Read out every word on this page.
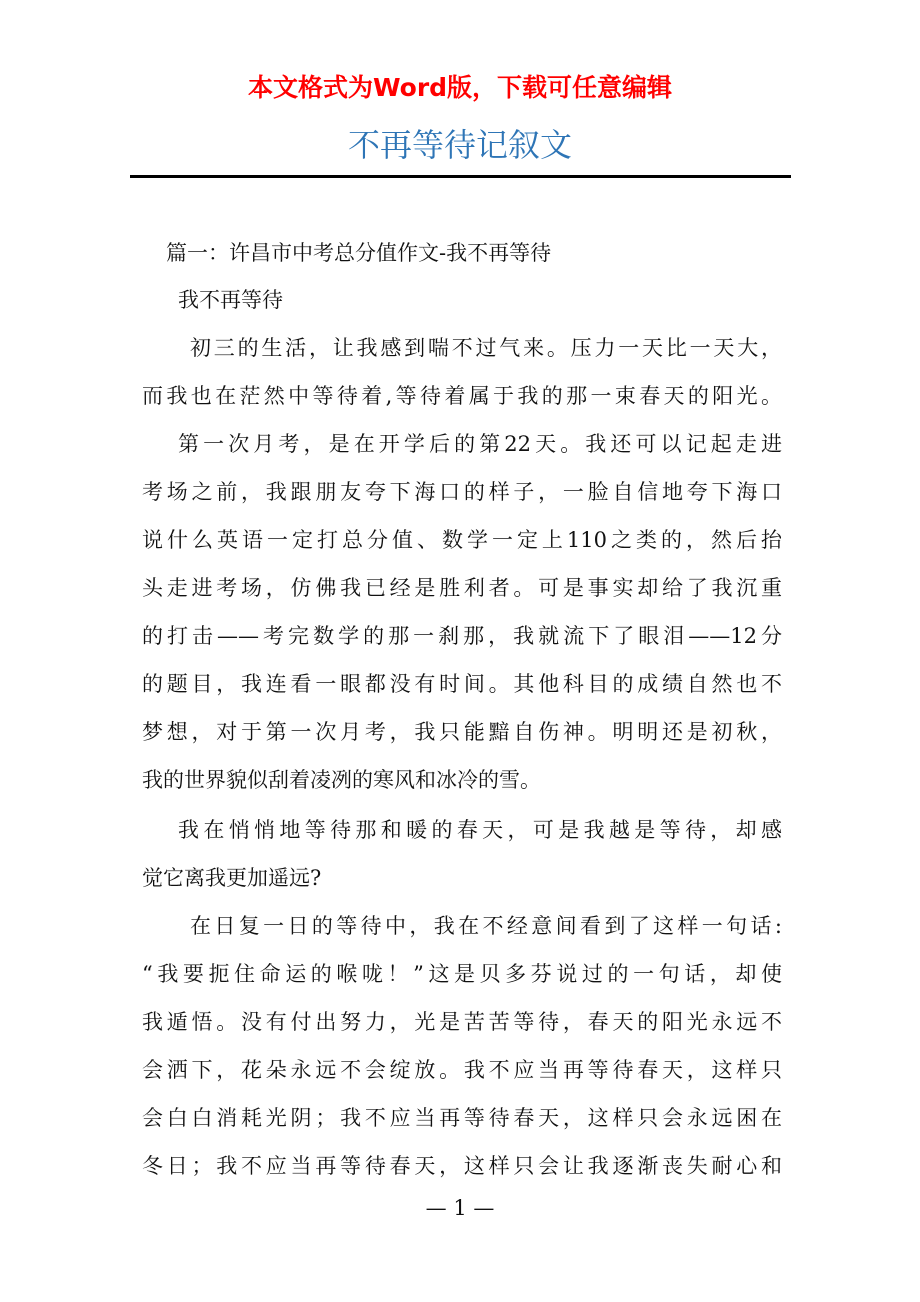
本文格式为Word版，下载可任意编辑
不再等待记叙文
篇一：许昌市中考总分值作文-我不再等待
我不再等待
初三的生活，让我感到喘不过气来。压力一天比一天大，
而我也在茫然中等待着,等待着属于我的那一束春天的阳光。
第一次月考，是在开学后的第22天。我还可以记起走进
考场之前，我跟朋友夸下海口的样子，一脸自信地夸下海口
说什么英语一定打总分值、数学一定上110之类的，然后抬
头走进考场，仿佛我已经是胜利者。可是事实却给了我沉重
的打击——考完数学的那一刹那，我就流下了眼泪——12分
的题目，我连看一眼都没有时间。其他科目的成绩自然也不
梦想，对于第一次月考，我只能黯自伤神。明明还是初秋，
我的世界貌似刮着凌冽的寒风和冰冷的雪。
我在悄悄地等待那和暖的春天，可是我越是等待，却感
觉它离我更加遥远?
在日复一日的等待中，我在不经意间看到了这样一句话:
“我要扼住命运的喉咙！”这是贝多芬说过的一句话，却使
我遁悟。没有付出努力，光是苦苦等待，春天的阳光永远不
会洒下，花朵永远不会绽放。我不应当再等待春天，这样只
会白白消耗光阴；我不应当再等待春天，这样只会永远困在
冬日；我不应当再等待春天，这样只会让我逐渐丧失耐心和
— 1 —
